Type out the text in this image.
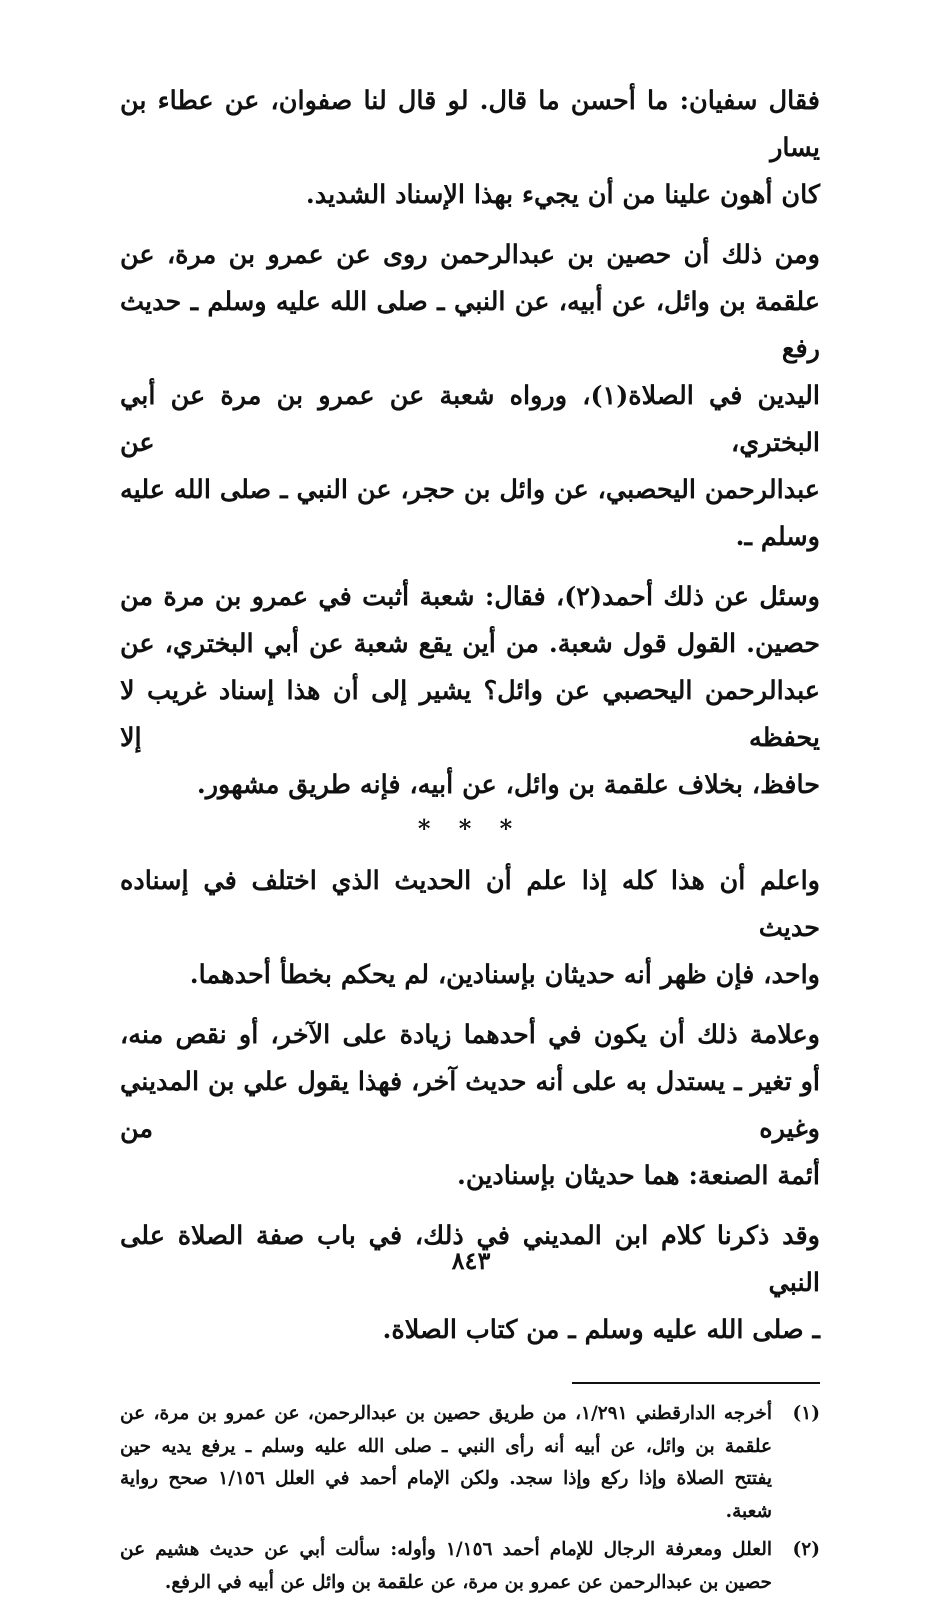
فقال سفيان: ما أحسن ما قال. لو قال لنا صفوان، عن عطاء بن يسار
كان أهون علينا من أن يجيء بهذا الإسناد الشديد.

ومن ذلك أن حصين بن عبدالرحمن روى عن عمرو بن مرة، عن
علقمة بن وائل، عن أبيه، عن النبي ـ صلى الله عليه وسلم ـ حديث رفع
اليدين في الصلاة(١)، ورواه شعبة عن عمرو بن مرة عن أبي البختري، عن
عبدالرحمن اليحصبي، عن وائل بن حجر، عن النبي ـ صلى الله عليه
وسلم ـ.

وسئل عن ذلك أحمد(٢)، فقال: شعبة أثبت في عمرو بن مرة من
حصين. القول قول شعبة. من أين يقع شعبة عن أبي البختري، عن
عبدالرحمن اليحصبي عن وائل؟ يشير إلى أن هذا إسناد غريب لا يحفظه إلا
حافظ، بخلاف علقمة بن وائل، عن أبيه، فإنه طريق مشهور.

* * *

واعلم أن هذا كله إذا علم أن الحديث الذي اختلف في إسناده حديث
واحد، فإن ظهر أنه حديثان بإسنادين، لم يحكم بخطأ أحدهما.

وعلامة ذلك أن يكون في أحدهما زيادة على الآخر، أو نقص منه،
أو تغير ـ يستدل به على أنه حديث آخر، فهذا يقول علي بن المديني وغيره من
أئمة الصنعة: هما حديثان بإسنادين.

وقد ذكرنا كلام ابن المديني في ذلك، في باب صفة الصلاة على النبي
ـ صلى الله عليه وسلم ـ من كتاب الصلاة.

(١)
أخرجه الدارقطني ١/٢٩١، من طريق حصين بن عبدالرحمن، عن عمرو بن مرة، عن
علقمة بن وائل، عن أبيه أنه رأى النبي ـ صلى الله عليه وسلم ـ يرفع يديه حين
يفتتح الصلاة وإذا ركع وإذا سجد. ولكن الإمام أحمد في العلل ١/١٥٦ صحح رواية
شعبة.
(٢)
العلل ومعرفة الرجال للإمام أحمد ١/١٥٦ وأوله: سألت أبي عن حديث هشيم عن
حصين بن عبدالرحمن عن عمرو بن مرة، عن علقمة بن وائل عن أبيه في الرفع.
٨٤٣
